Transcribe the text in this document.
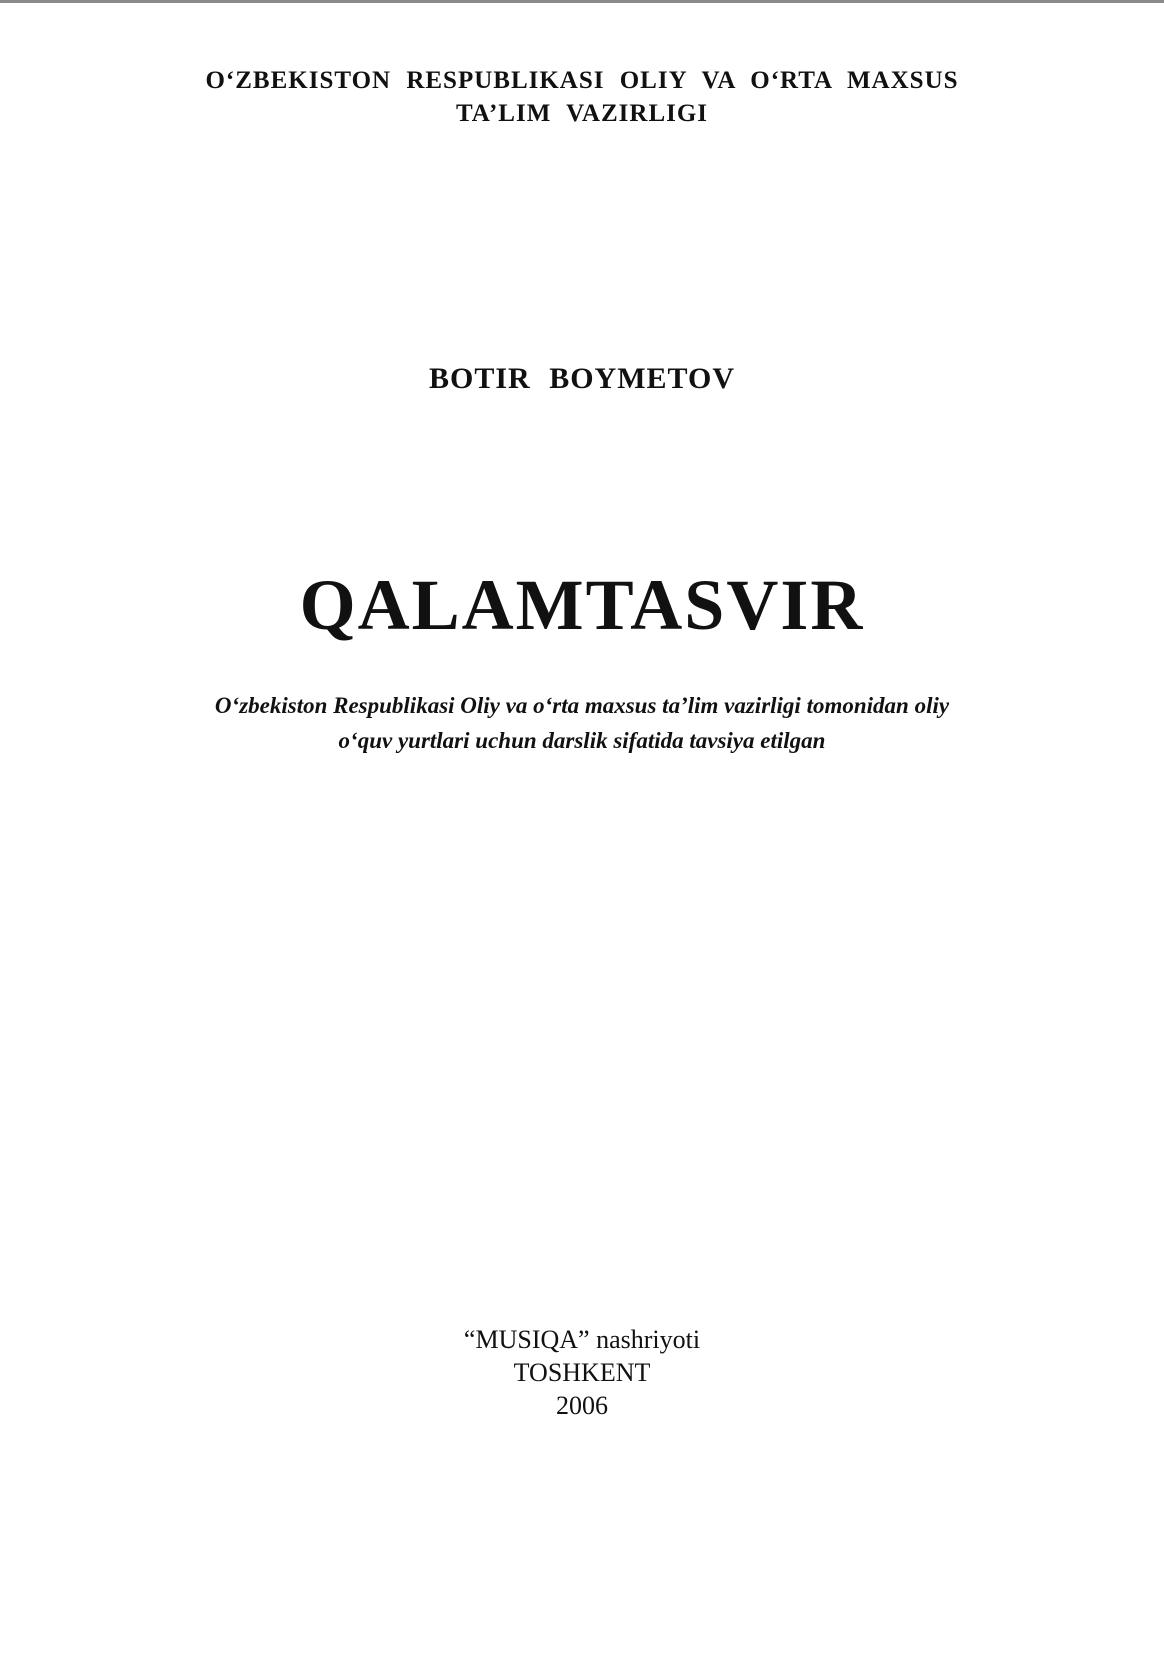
O‘ZBEKISTON RESPUBLIKASI OLIY VA O‘RTA MAXSUS
TA’LIM VAZIRLIGI
BOTIR BOYMETOV
QALAMTASVIR
O‘zbekiston Respublikasi Oliy va o‘rta maxsus ta’lim vazirligi tomonidan oliy
o‘quv yurtlari uchun darslik sifatida tavsiya etilgan
“MUSIQA” nashriyoti
TOSHKENT
2006
